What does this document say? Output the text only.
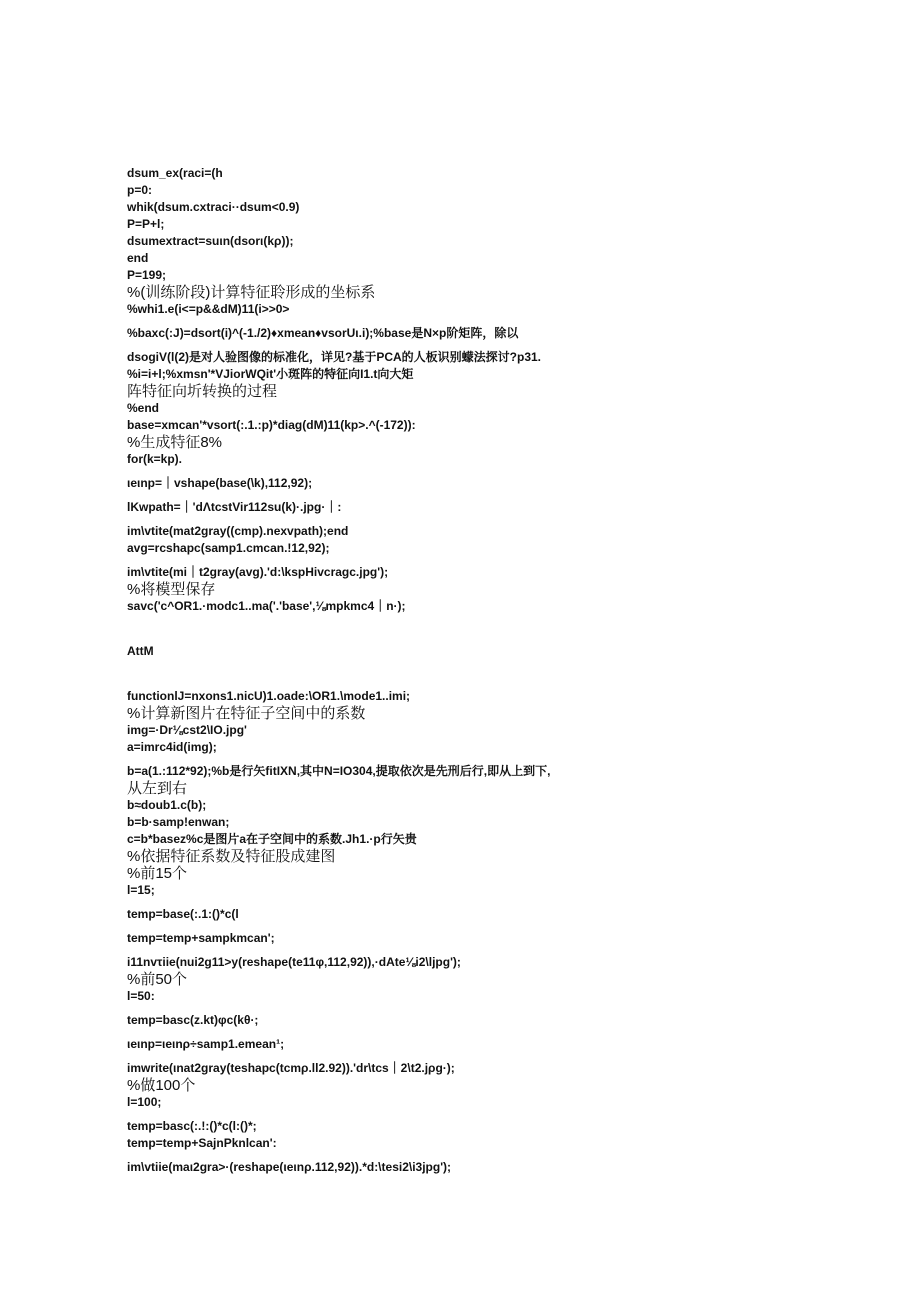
dsum_ex(raci=(h

p=0:

whik(dsum.cxtraci··dsum<0.9)

P=P+l;

dsumextract=suιn(dsorι(kρ));

end

P=199;

%(训练阶段)计算特征聆形成的坐标系

%whi1.e(i<=p&&dM)11(i>>0>

%baxc(:J)=dsort(i)^(-1./2)♦xmean♦vsorUι.i);%base是N×p阶矩阵，除以

dsogiV(l(2)是对人验图像的标准化，详见?基于PCA的人板识别蠓法探讨?p31.

%i=i+l;%xmsn'*VJiorWQit'小斑阵的特征向I1.t向大矩

阵特征向圻转换的过程

%end

base=xmcan'*vsort(:.1.:p)*diag(dM)11(kp>.^(-172)):

%生成特征8%

for(k=kp).

ιeιnp=｜vshape(base(\k),112,92);

lKwpath=｜'dΛtcstVir112su(k)·.jpg·｜:

im\vtite(mat2gray((cmp).nexvpath);end

avg=rcshapc(samp1.cmcan.!12,92);

im\vtite(mi｜t2gray(avg).'d:\kspHivcragc.jpg');

%将模型保存

savc('c^OR1.·modc1..ma('.'base',⅛mpkmc4｜n·);

AttM

functionlJ=nxons1.nicU)1.oade:\OR1.\mode1..imi;

%计算新图片在特征子空间中的系数

img=·Dr⅛cst2\IO.jpg'

a=imrc4id(img);

b=a(1.:112*92);%b是行矢fitIXN,其中N=IO304,提取依次是先刑后行,即从上到下,

从左到右

b≈doub1.c(b);

b=b·samp!enwan;

c=b*basez%c是图片a在子空间中的系数.Jh1.·p行矢贵

%依据特征系数及特征股成建图

%前15个

l=15;

temp=base(:.1:()*c(l

temp=temp+sampkmcan';

i11nvτiie(nui2g11>y(reshape(te11φ,112,92)),·dAte⅛i2\ljpg');

%前50个

l=50:

temp=basc(z.kt)φc(kθ·;

ιeιnp=ιeιnρ÷samp1.emean¹;

imwrite(ιnat2gray(teshapc(tcmρ.ll2.92)).'dr\tcs｜2\t2.jρg·);

%做100个

l=100;

temp=basc(:.!:()*c(l:()*;

temp=temp+SajnPknlcan':

im\vtiie(maι2gra>·(reshape(ιeιnρ.112,92)).*d:\tesi2\i3jpg');
